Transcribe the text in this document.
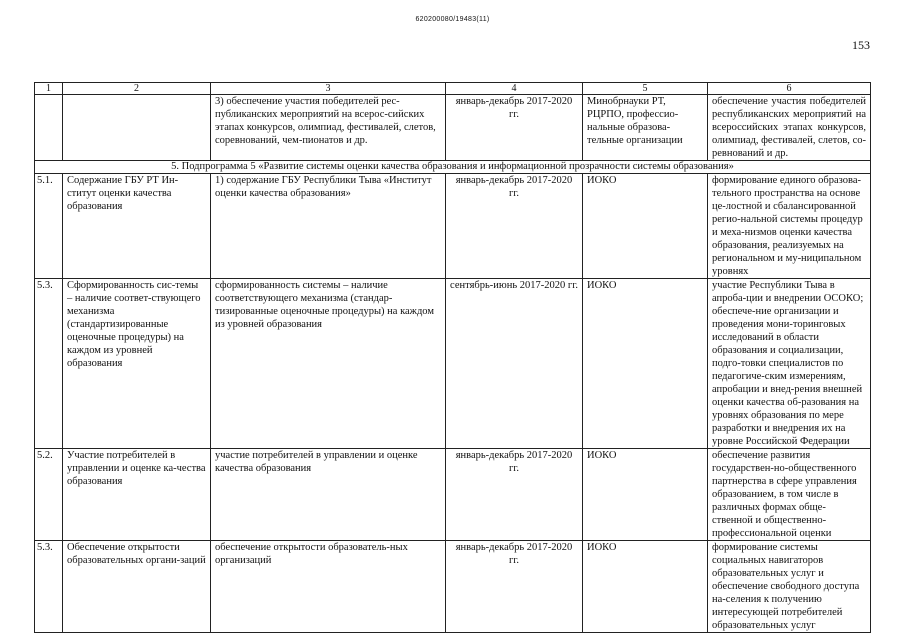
620200080/19483(11)
153
1	2	3	4	5	6
		3) обеспечение участия победителей рес-публиканских мероприятий на всерос-сийских этапах конкурсов, олимпиад, фестивалей, слетов, соревнований, чем-пионатов и др.	январь-декабрь 2017-2020 гг.	Минобрнауки РТ, РЦРПО, профессио-нальные образова-тельные организации	обеспечение участия победителей республиканских мероприятий на всероссийских этапах конкурсов, олимпиад, фестивалей, слетов, со-ревнований и др.
5. Подпрограмма 5 «Развитие системы оценки качества образования и информационной прозрачности системы образования»					
5.1.	Содержание ГБУ РТ Ин-ститут оценки качества образования	1) содержание ГБУ Республики Тыва «Институт оценки качества образования»	январь-декабрь 2017-2020 гг.	ИОКО	формирование единого образова-тельного пространства на основе це-лостной и сбалансированной регио-нальной системы процедур и меха-низмов оценки качества образования, реализуемых на региональном и му-ниципальном уровнях
5.3.	Сформированность сис-темы – наличие соответ-ствующего механизма (стандартизированные оценочные процедуры) на каждом из уровней образования	сформированность системы – наличие соответствующего механизма (стандар-тизированные оценочные процедуры) на каждом из уровней образования	сентябрь-июнь 2017-2020 гг.	ИОКО	участие Республики Тыва в апроба-ции и внедрении ОСОКО; обеспече-ние организации и проведения мони-торинговых исследований в области образования и социализации, подго-товки специалистов по педагогиче-ским измерениям, апробации и внед-рения внешней оценки качества об-разования на уровнях образования по мере разработки и внедрения их на уровне Российской Федерации
5.2.	Участие потребителей в управлении и оценке ка-чества образования	участие потребителей в управлении и оценке качества образования	январь-декабрь 2017-2020 гг.	ИОКО	обеспечение развития государствен-но-общественного партнерства в сфере управления образованием, в том числе в различных формах обще-ственной и общественно-профессиональной оценки
5.3.	Обеспечение открытости образовательных органи-заций	обеспечение открытости образователь-ных организаций	январь-декабрь 2017-2020 гг.	ИОКО	формирование системы социальных навигаторов образовательных услуг и обеспечение свободного доступа на-селения к получению интересующей потребителей образовательных услуг
